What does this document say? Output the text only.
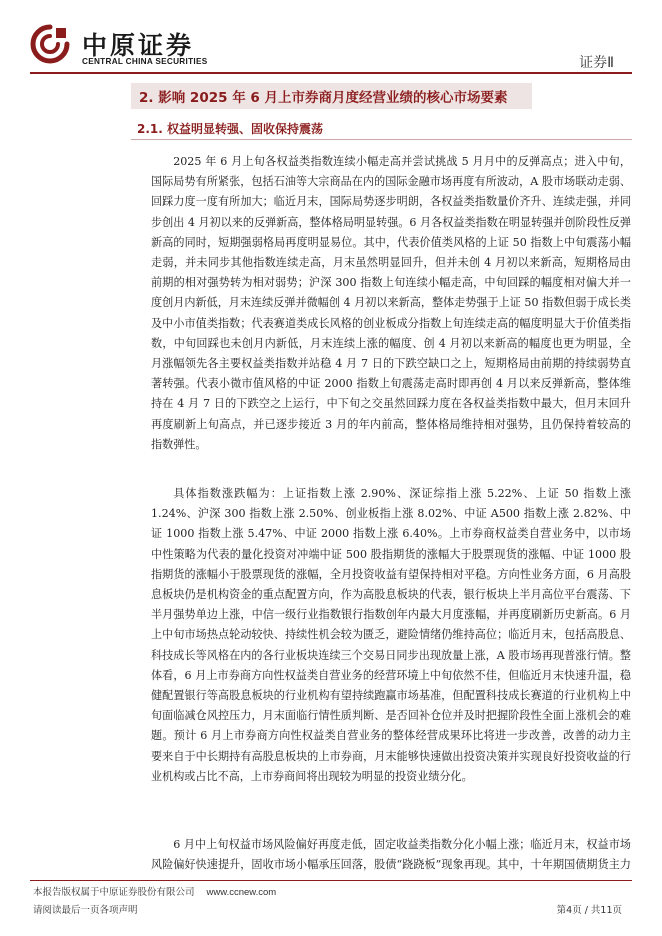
中原证券
CENTRAL CHINA SECURITIES	证券Ⅱ
2. 影响 2025 年 6 月上市券商月度经营业绩的核心市场要素
2.1. 权益明显转强、固收保持震荡

2025 年 6 月上旬各权益类指数连续小幅走高并尝试挑战 5 月月中的反弹高点；进入中旬，国际局势有所紧张，包括石油等大宗商品在内的国际金融市场再度有所波动，A 股市场联动走弱、回踩力度一度有所加大；临近月末，国际局势逐步明朗，各权益类指数量价齐升、连续走强，并同步创出 4 月初以来的反弹新高，整体格局明显转强。6 月各权益类指数在明显转强并创阶段性反弹新高的同时，短期强弱格局再度明显易位。其中，代表价值类风格的上证 50 指数上中旬震荡小幅走弱，并未同步其他指数连续走高，月末虽然明显回升，但并未创 4 月初以来新高，短期格局由前期的相对强势转为相对弱势；沪深 300 指数上旬连续小幅走高，中旬回踩的幅度相对偏大并一度创月内新低，月末连续反弹并微幅创 4 月初以来新高，整体走势强于上证 50 指数但弱于成长类及中小市值类指数；代表赛道类成长风格的创业板成分指数上旬连续走高的幅度明显大于价值类指数，中旬回踩也未创月内新低，月末连续上涨的幅度、创 4 月初以来新高的幅度也更为明显，全月涨幅领先各主要权益类指数并站稳 4 月 7 日的下跌空缺口之上，短期格局由前期的持续弱势直著转强。代表小微市值风格的中证 2000 指数上旬震荡走高时即再创 4 月以来反弹新高，整体维持在 4 月 7 日的下跌空之上运行，中下旬之交虽然回踩力度在各权益类指数中最大，但月末回升再度刷新上旬高点，并已逐步接近 3 月的年内前高，整体格局维持相对强势，且仍保持着较高的指数弹性。

具体指数涨跌幅为：上证指数上涨 2.90%、深证综指上涨 5.22%、上证 50 指数上涨 1.24%、沪深 300 指数上涨 2.50%、创业板指上涨 8.02%、中证 A500 指数上涨 2.82%、中证 1000 指数上涨 5.47%、中证 2000 指数上涨 6.40%。上市券商权益类自营业务中，以市场中性策略为代表的量化投资对冲端中证 500 股指期货的涨幅大于股票现货的涨幅、中证 1000 股指期货的涨幅小于股票现货的涨幅，全月投资收益有望保持相对平稳。方向性业务方面，6 月高股息板块仍是机构资金的重点配置方向，作为高股息板块的代表，银行板块上半月高位平台震荡、下半月强势单边上涨，中信一级行业指数银行指数创年内最大月度涨幅，并再度刷新历史新高。6 月上中旬市场热点轮动较快、持续性机会较为匮乏，避险情绪仍维持高位；临近月末，包括高股息、科技成长等风格在内的各行业板块连续三个交易日同步出现放量上涨，A 股市场再现普涨行情。整体看，6 月上市券商方向性权益类自营业务的经营环境上中旬依然不佳，但临近月末快速升温，稳健配置银行等高股息板块的行业机构有望持续跑赢市场基准，但配置科技成长赛道的行业机构上中旬面临减仓风控压力，月末面临行情性质判断、是否回补仓位并及时把握阶段性全面上涨机会的难题。预计 6 月上市券商方向性权益类自营业务的整体经营成果环比将进一步改善，改善的动力主要来自于中长期持有高股息板块的上市券商，月末能够快速做出投资决策并实现良好投资收益的行业机构或占比不高，上市券商间将出现较为明显的投资业绩分化。

6 月中上旬权益市场风险偏好再度走低，固定收益类指数分化小幅上涨；临近月末，权益市场风险偏好快速提升，固收市场小幅承压回落，股债“跷跷板”现象再现。其中，十年期国债期货主力

本报告版权属于中原证券股份有限公司 www.ccnew.com
请阅读最后一页各项声明	第4页 / 共11页
